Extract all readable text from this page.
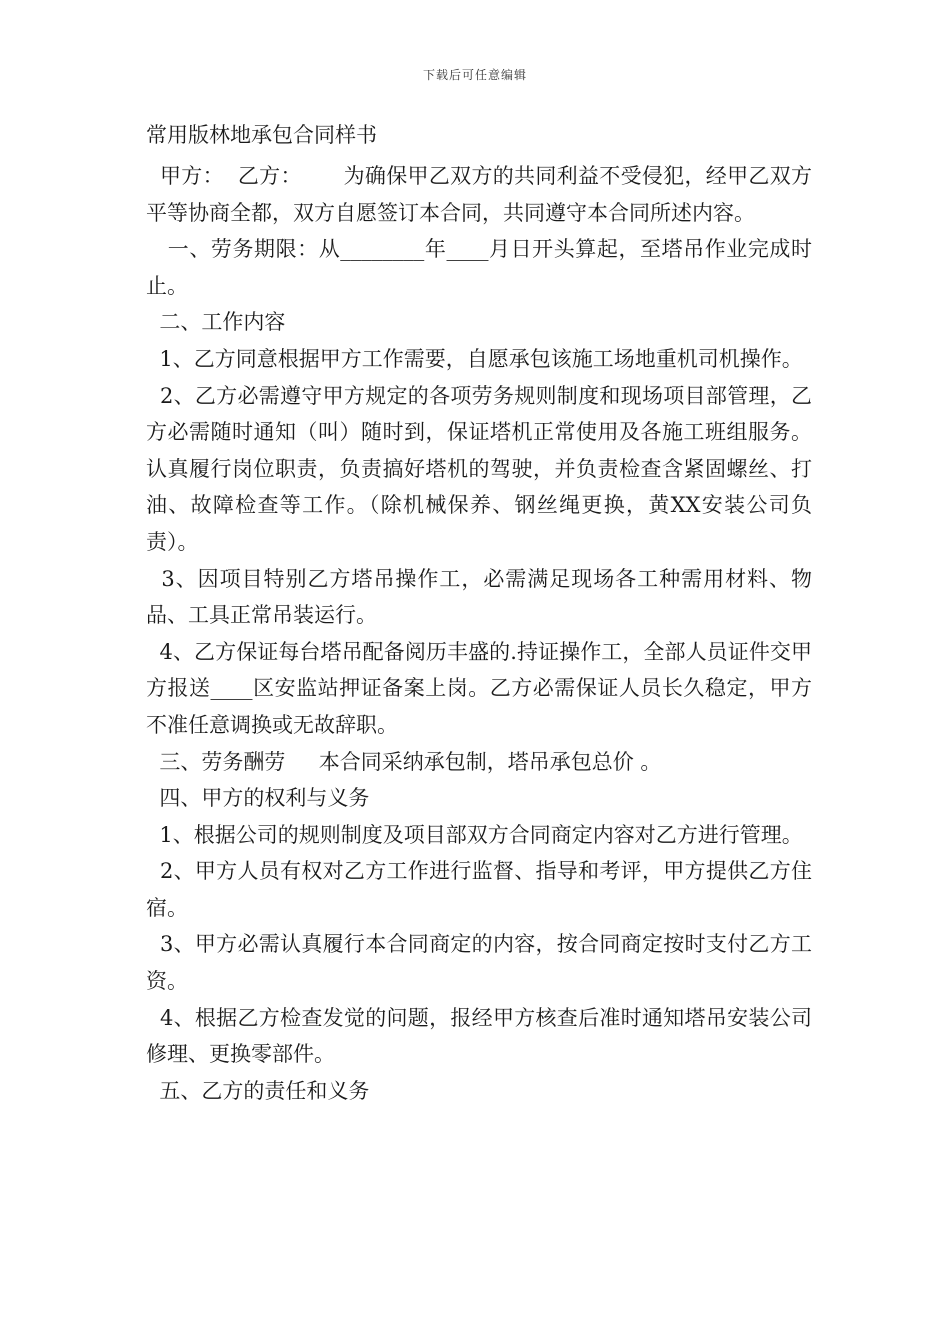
下载后可任意编辑
常用版林地承包合同样书

甲方：  乙方：      为确保甲乙双方的共同利益不受侵犯，经甲乙双方平等协商全都，双方自愿签订本合同，共同遵守本合同所述内容。

一、劳务期限：从________年____月日开头算起，至塔吊作业完成时止。

二、工作内容

1、乙方同意根据甲方工作需要，自愿承包该施工场地重机司机操作。

2、乙方必需遵守甲方规定的各项劳务规则制度和现场项目部管理，乙方必需随时通知（叫）随时到，保证塔机正常使用及各施工班组服务。认真履行岗位职责，负责搞好塔机的驾驶，并负责检查含紧固螺丝、打油、故障检查等工作。（除机械保养、钢丝绳更换，黄XX安装公司负责）。

3、因项目特别乙方塔吊操作工，必需满足现场各工种需用材料、物品、工具正常吊装运行。

4、乙方保证每台塔吊配备阅历丰盛的.持证操作工，全部人员证件交甲方报送____区安监站押证备案上岗。乙方必需保证人员长久稳定，甲方不准任意调换或无故辞职。

三、劳务酬劳     本合同采纳承包制，塔吊承包总价 。

四、甲方的权利与义务

1、根据公司的规则制度及项目部双方合同商定内容对乙方进行管理。

2、甲方人员有权对乙方工作进行监督、指导和考评，甲方提供乙方住宿。

3、甲方必需认真履行本合同商定的内容，按合同商定按时支付乙方工资。

4、根据乙方检查发觉的问题，报经甲方核查后准时通知塔吊安装公司修理、更换零部件。

五、乙方的责任和义务
